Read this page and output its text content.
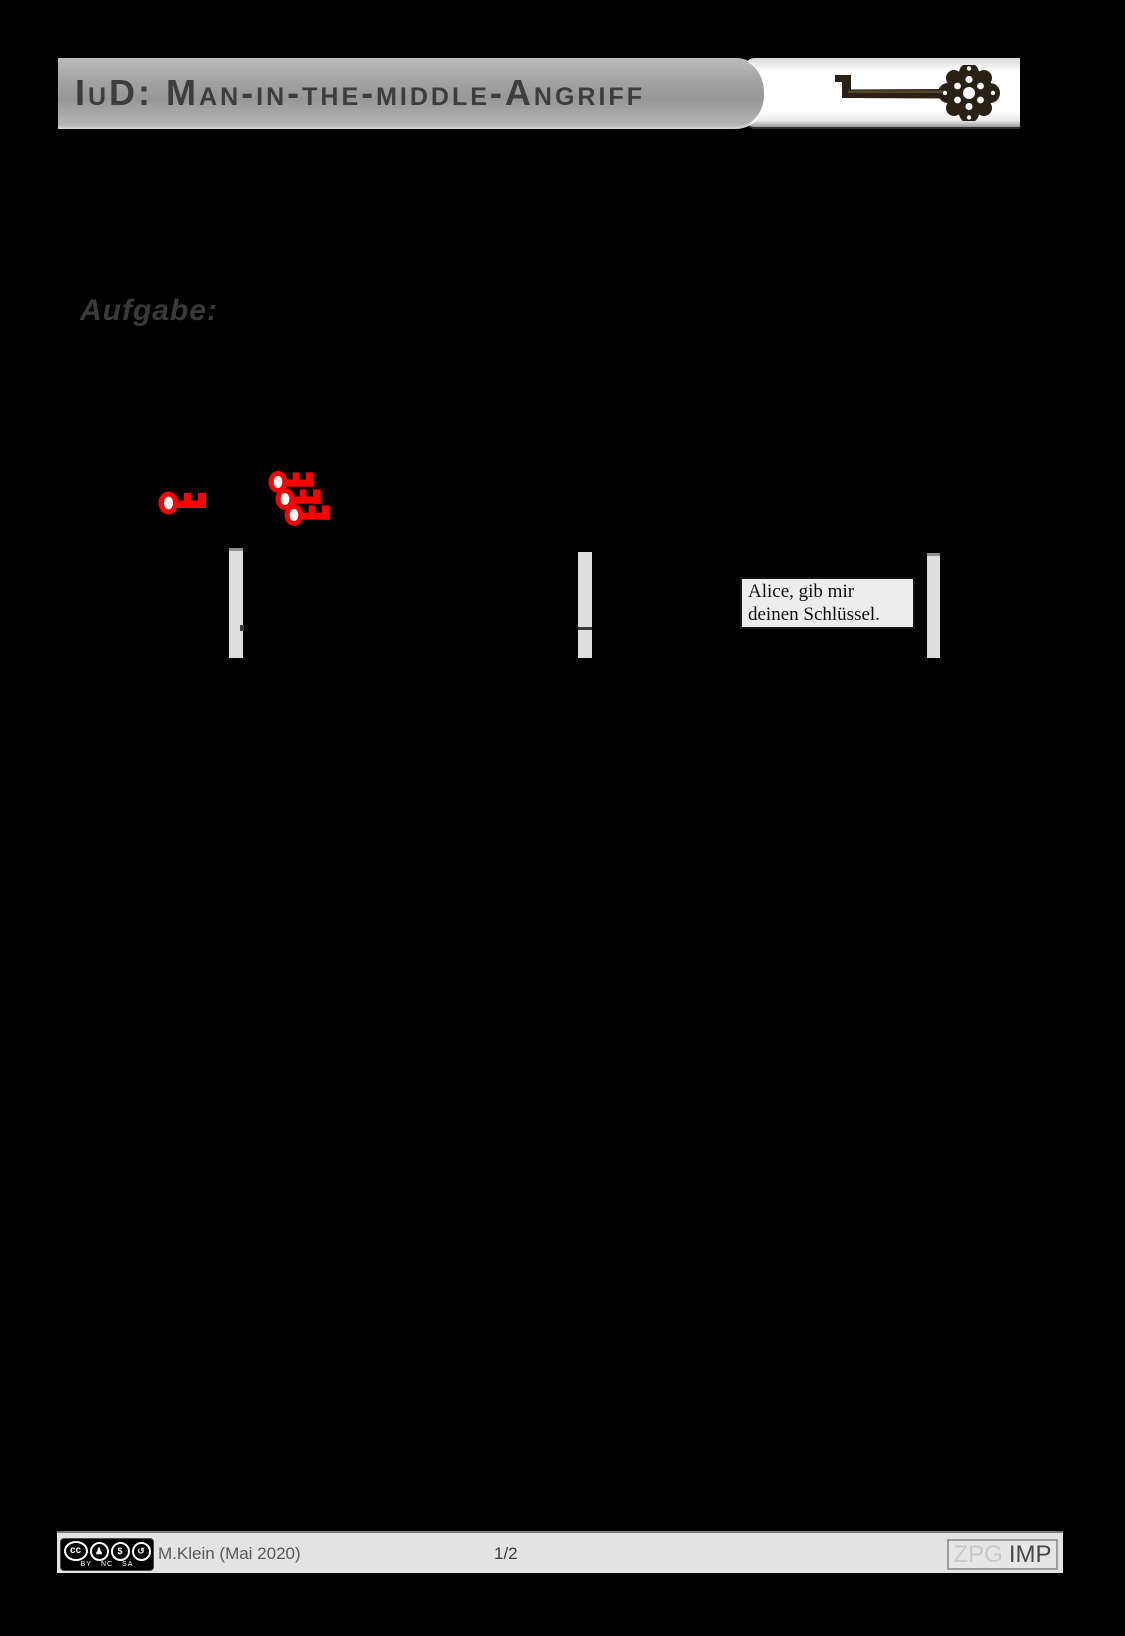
IuD: Man-in-the-middle-Angriff
Aufgabe:
Alice, gib mir
deinen Schlüssel.
cc	♟	$	↺
BY NC SA
M.Klein (Mai 2020)	1/2	ZPG IMP
